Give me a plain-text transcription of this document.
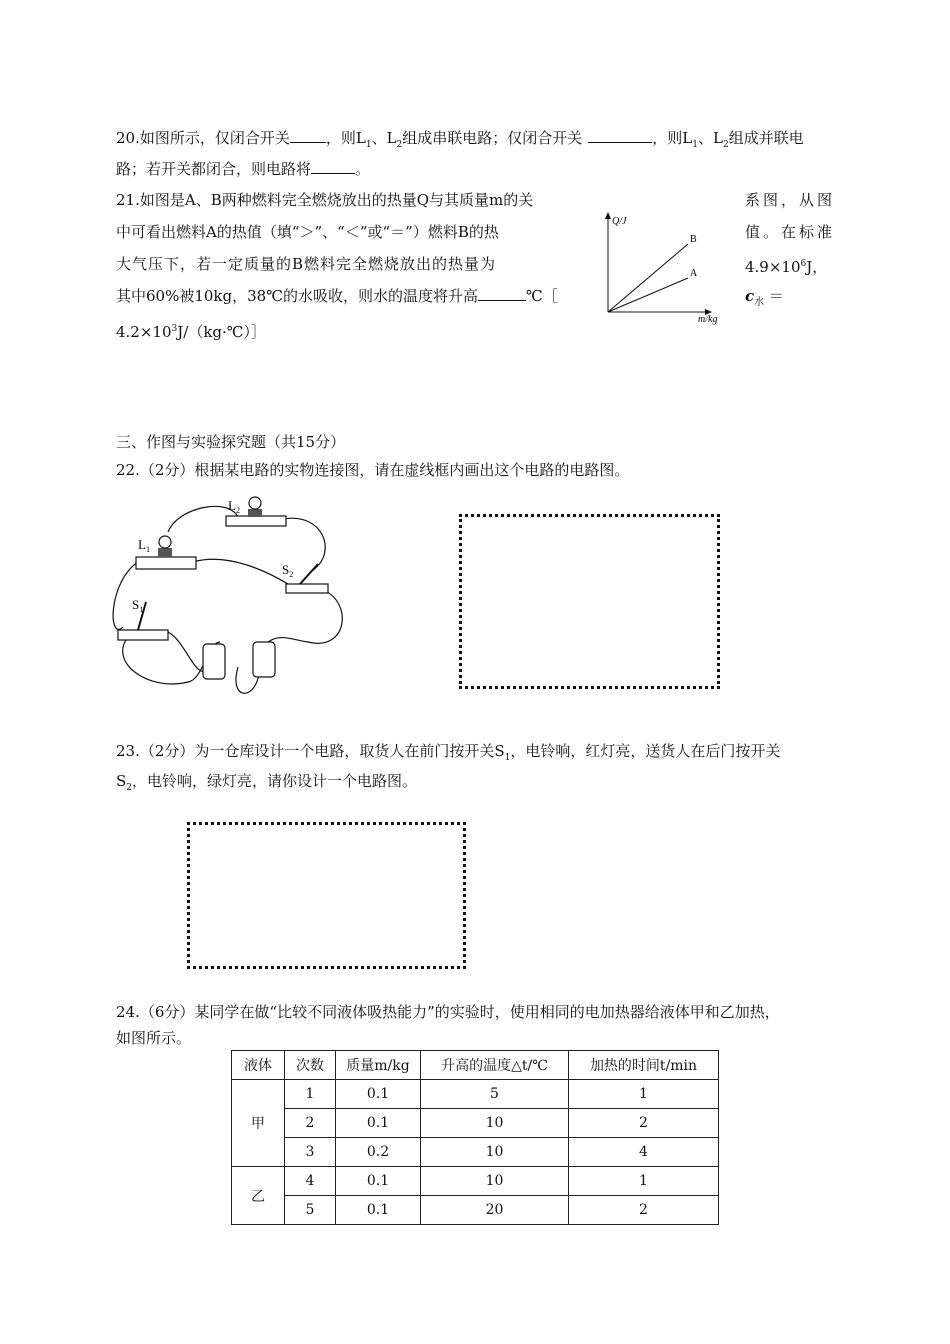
20.如图所示，仅闭合开关 ，则$L_1$、$L_2$组成串联电路；仅闭合开关	，则$L_1$、$L_2$组成并联电
路；若开关都闭合，则电路将	。
21.如图是A、B两种燃料完全燃烧放出的热量Q与其质量m的关	系图，从图
中可看出燃料A的热值（填“＞”、“＜”或“＝”）燃料B的热	值。在标准
大气压下，若一定质量的B燃料完全燃烧放出的热量为	$4.9\times 10^6J$，
其中60%被10kg，38℃的水吸收，则水的温度将升高	℃［	$c_水$ ＝
$4.2\times 10^3J/(kg\cdot℃)]$
Q/J
m/kg
B
A
三、作图与实验探究题（共15分）
22.（2分）根据某电路的实物连接图，请在虚线框内画出这个电路的电路图。
$L_2$
$L_1$
$S_2$
$S_1$
23.（2分）为一仓库设计一个电路，取货人在前门按开关$S_1$，电铃响，红灯亮，送货人在后门按开关
$S_2$，电铃响，绿灯亮，请你设计一个电路图。
24.（6分）某同学在做“比较不同液体吸热能力”的实验时，使用相同的电加热器给液体甲和乙加热，
如图所示。
液体	次数	质量m/kg	升高的温度△t/℃	加热的时间t/min
甲	1	0.1	5	1
	2	0.1	10	2
	3	0.2	10	4
乙	4	0.1	10	1
	5	0.1	20	2
